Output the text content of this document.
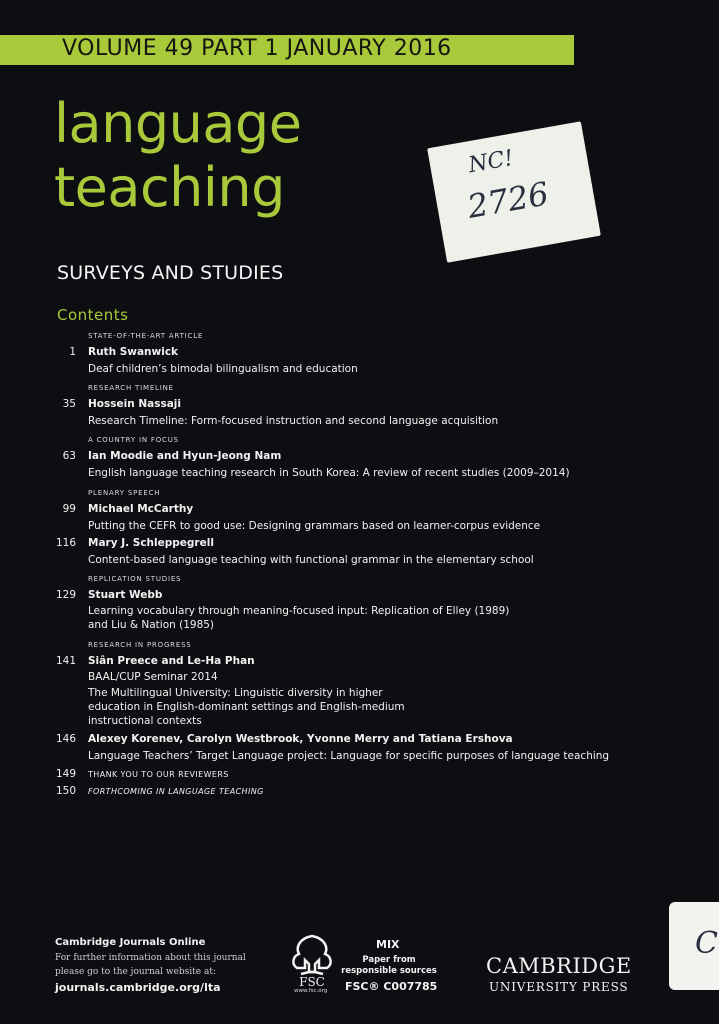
VOLUME 49 PART 1 JANUARY 2016
language
teaching
SURVEYS AND STUDIES
NC!
2726
Contents
STATE-OF-THE-ART ARTICLE
1 Ruth Swanwick
Deaf children’s bimodal bilingualism and education
RESEARCH TIMELINE
35 Hossein Nassaji
Research Timeline: Form-focused instruction and second language acquisition
A COUNTRY IN FOCUS
63 Ian Moodie and Hyun-Jeong Nam
English language teaching research in South Korea: A review of recent studies (2009–2014)
PLENARY SPEECH
99 Michael McCarthy
Putting the CEFR to good use: Designing grammars based on learner-corpus evidence
116 Mary J. Schleppegrell
Content-based language teaching with functional grammar in the elementary school
REPLICATION STUDIES
129 Stuart Webb
Learning vocabulary through meaning-focused input: Replication of Elley (1989)
and Liu & Nation (1985)
RESEARCH IN PROGRESS
141 Siân Preece and Le-Ha Phan
BAAL/CUP Seminar 2014
The Multilingual University: Linguistic diversity in higher
education in English-dominant settings and English-medium
instructional contexts
146 Alexey Korenev, Carolyn Westbrook, Yvonne Merry and Tatiana Ershova
Language Teachers’ Target Language project: Language for specific purposes of language teaching
149 THANK YOU TO OUR REVIEWERS
150 FORTHCOMING IN LANGUAGE TEACHING
C
Cambridge Journals Online
For further information about this journal
please go to the journal website at:
journals.cambridge.org/lta	FSC
www.fsc.org
MIX
Paper from
responsible sources
FSC® C007785
CAMBRIDGE
UNIVERSITY PRESS
